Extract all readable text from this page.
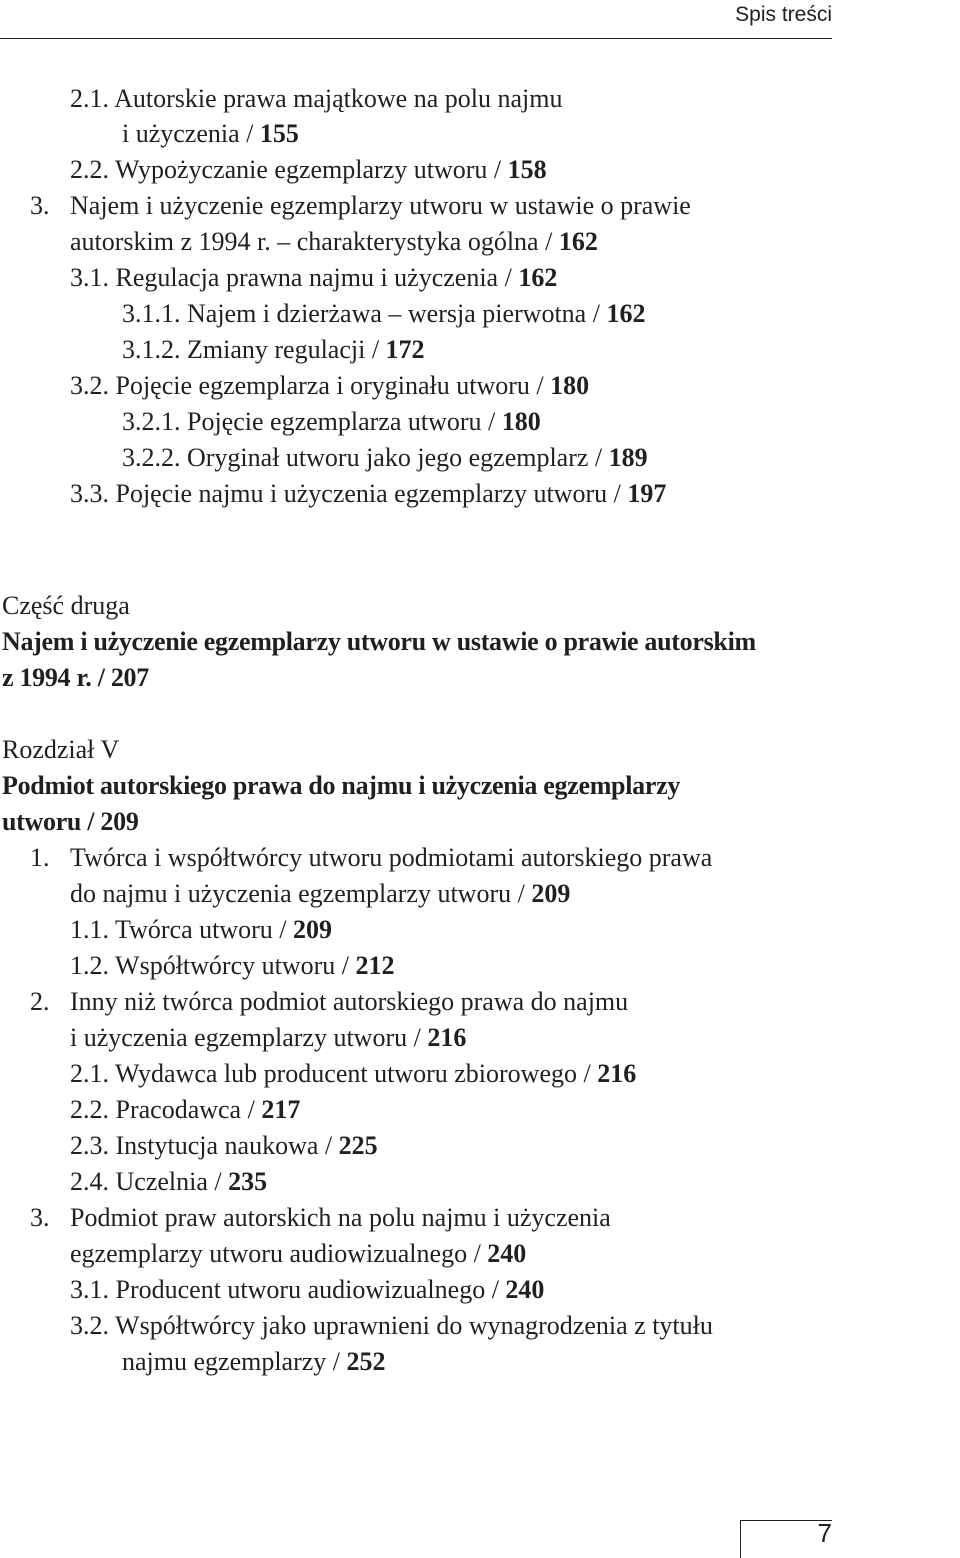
Spis treści
2.1. Autorskie prawa majątkowe na polu najmu
i użyczenia / 155
2.2. Wypożyczanie egzemplarzy utworu / 158
3. Najem i użyczenie egzemplarzy utworu w ustawie o prawie
autorskim z 1994 r. – charakterystyka ogólna / 162
3.1. Regulacja prawna najmu i użyczenia / 162
3.1.1. Najem i dzierżawa – wersja pierwotna / 162
3.1.2. Zmiany regulacji / 172
3.2. Pojęcie egzemplarza i oryginału utworu / 180
3.2.1. Pojęcie egzemplarza utworu / 180
3.2.2. Oryginał utworu jako jego egzemplarz / 189
3.3. Pojęcie najmu i użyczenia egzemplarzy utworu / 197
Część druga
Najem i użyczenie egzemplarzy utworu w ustawie o prawie autorskim
z 1994 r. / 207
Rozdział V
Podmiot autorskiego prawa do najmu i użyczenia egzemplarzy
utworu / 209
1. Twórca i współtwórcy utworu podmiotami autorskiego prawa
do najmu i użyczenia egzemplarzy utworu / 209
1.1. Twórca utworu / 209
1.2. Współtwórcy utworu / 212
2. Inny niż twórca podmiot autorskiego prawa do najmu
i użyczenia egzemplarzy utworu / 216
2.1. Wydawca lub producent utworu zbiorowego / 216
2.2. Pracodawca / 217
2.3. Instytucja naukowa / 225
2.4. Uczelnia / 235
3. Podmiot praw autorskich na polu najmu i użyczenia
egzemplarzy utworu audiowizualnego / 240
3.1. Producent utworu audiowizualnego / 240
3.2. Współtwórcy jako uprawnieni do wynagrodzenia z tytułu
najmu egzemplarzy / 252
7
